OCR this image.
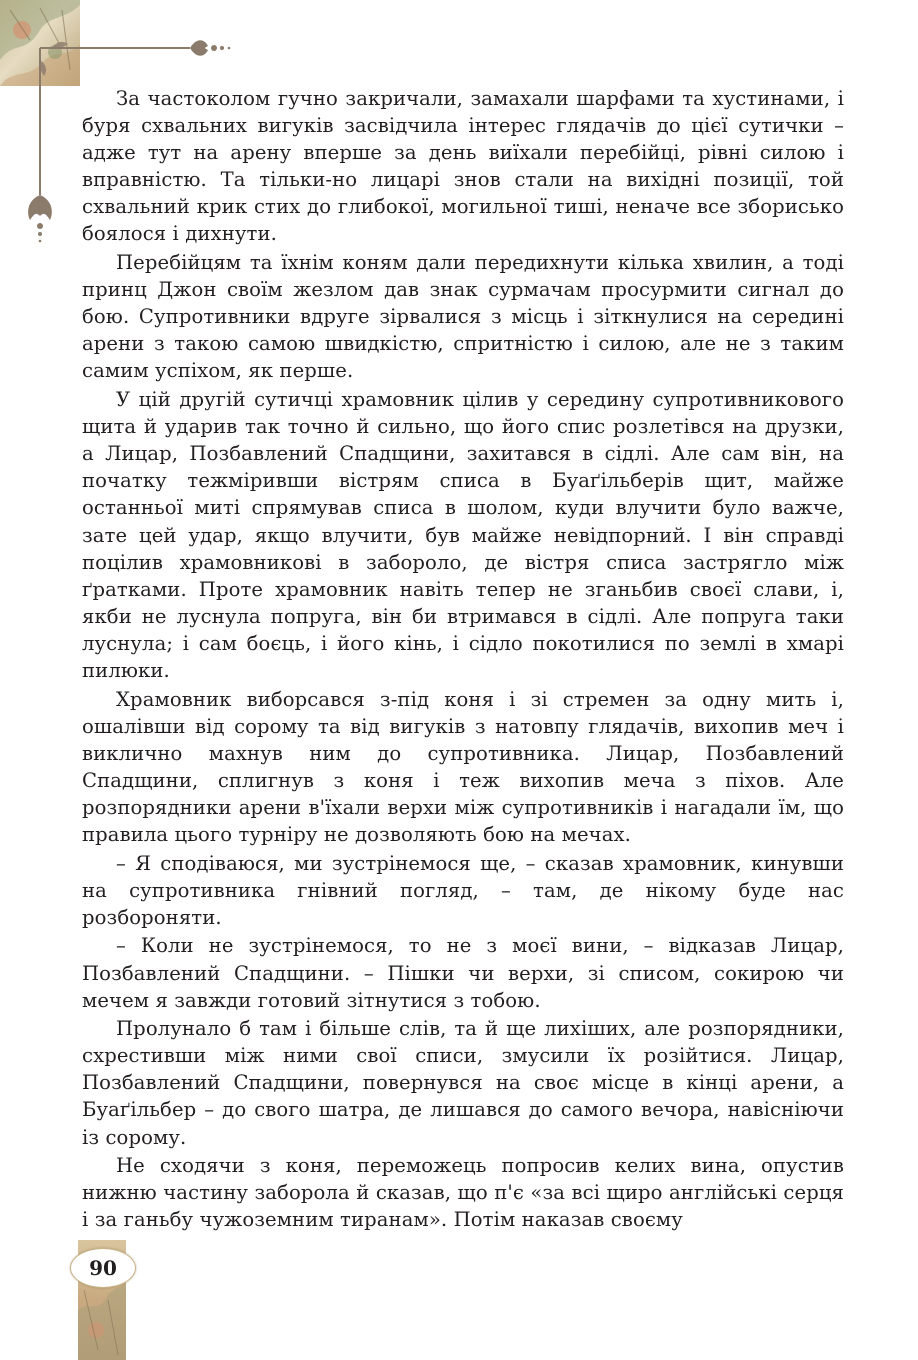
90

За частоколом гучно закричали, замахали шарфами та хустинами, і буря схвальних вигуків засвідчила інтерес глядачів до цієї сутички – адже тут на арену вперше за день виїхали перебійці, рівні силою і вправністю. Та тільки-но лицарі знов стали на вихідні позиції, той схвальний крик стих до глибокої, могильної тиші, неначе все зборисько боялося і дихнути.

Перебійцям та їхнім коням дали передихнути кілька хвилин, а тоді принц Джон своїм жезлом дав знак сурмачам просурмити сигнал до бою. Супротивники вдруге зірвалися з місць і зіткнулися на середині арени з такою самою швидкістю, спритністю і силою, але не з таким самим успіхом, як перше.

У цій другій сутичці храмовник цілив у середину супротивникового щита й ударив так точно й сильно, що його спис розлетівся на друзки, а Лицар, Позбавлений Спадщини, захитався в сідлі. Але сам він, на початку тежміривши вістрям списа в Буаґільберів щит, майже останньої миті спрямував списа в шолом, куди влучити було важче, зате цей удар, якщо влучити, був майже невідпорний. І він справді поцілив храмовникові в забороло, де вістря списа застрягло між ґратками. Проте храмовник навіть тепер не зганьбив своєї слави, і, якби не луснула попруга, він би втримався в сідлі. Але попруга таки луснула; і сам боєць, і його кінь, і сідло покотилися по землі в хмарі пилюки.

Храмовник виборсався з-під коня і зі стремен за одну мить і, ошалівши від сорому та від вигуків з натовпу глядачів, вихопив меч і виклично махнув ним до супротивника. Лицар, Позбавлений Спадщини, сплигнув з коня і теж вихопив меча з піхов. Але розпорядники арени в'їхали верхи між супротивників і нагадали їм, що правила цього турніру не дозволяють бою на мечах.

– Я сподіваюся, ми зустрінемося ще, – сказав храмовник, кинувши на супротивника гнівний погляд, – там, де нікому буде нас розбороняти.

– Коли не зустрінемося, то не з моєї вини, – відказав Лицар, Позбавлений Спадщини. – Пішки чи верхи, зі списом, сокирою чи мечем я завжди готовий зітнутися з тобою.

Пролунало б там і більше слів, та й ще лихіших, але розпорядники, схрестивши між ними свої списи, змусили їх розійтися. Лицар, Позбавлений Спадщини, повернувся на своє місце в кінці арени, а Буаґільбер – до свого шатра, де лишався до самого вечора, навісніючи із сорому.

Не сходячи з коня, переможець попросив келих вина, опустив нижню частину заборола й сказав, що п'є «за всі щиро англійські серця і за ганьбу чужоземним тиранам». Потім наказав своєму
